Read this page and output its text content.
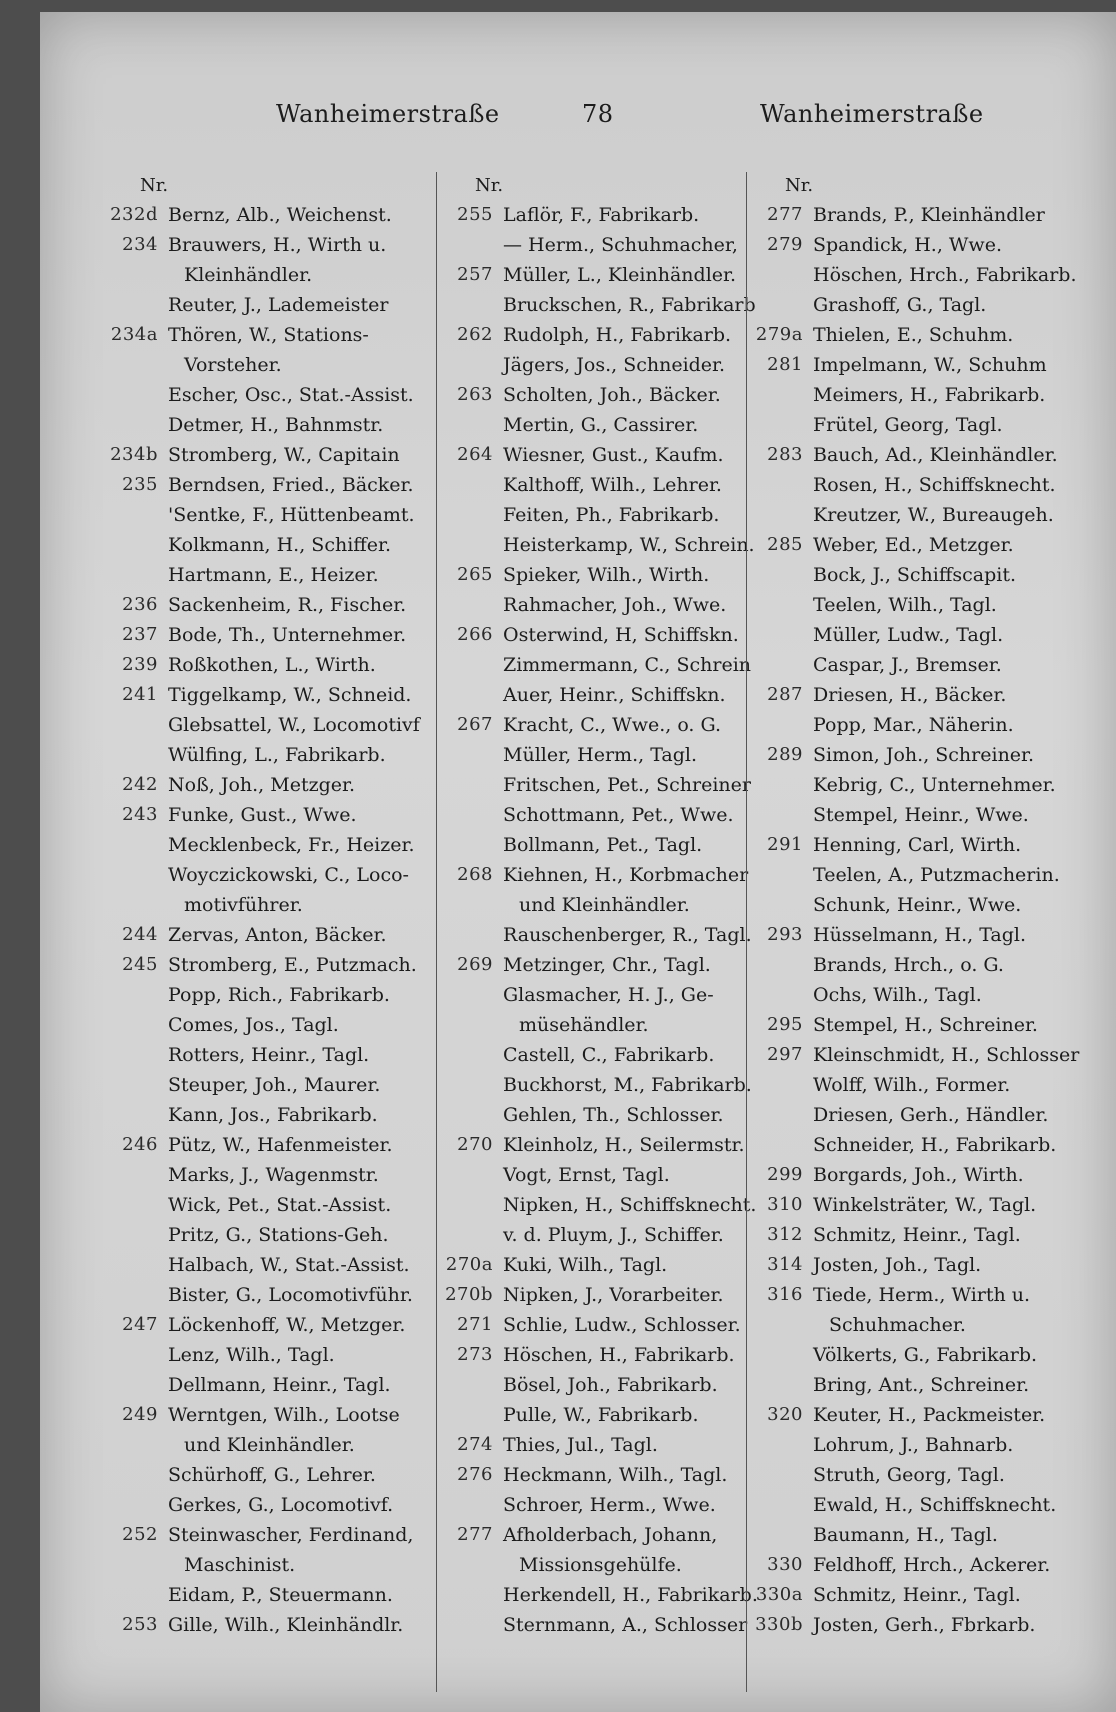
Wanheimerstraße	78	Wanheimerstraße
Nr.
232d Bernz, Alb., Weichenst.
234 Brauwers, H., Wirth u.
Kleinhändler.
Reuter, J., Lademeister
234a Thören, W., Stations-
Vorsteher.
Escher, Osc., Stat.-Assist.
Detmer, H., Bahnmstr.
234b Stromberg, W., Capitain
235 Berndsen, Fried., Bäcker.
'Sentke, F., Hüttenbeamt.
Kolkmann, H., Schiffer.
Hartmann, E., Heizer.
236 Sackenheim, R., Fischer.
237 Bode, Th., Unternehmer.
239 Roßkothen, L., Wirth.
241 Tiggelkamp, W., Schneid.
Glebsattel, W., Locomotivf
Wülfing, L., Fabrikarb.
242 Noß, Joh., Metzger.
243 Funke, Gust., Wwe.
Mecklenbeck, Fr., Heizer.
Woyczickowski, C., Loco-
motivführer.
244 Zervas, Anton, Bäcker.
245 Stromberg, E., Putzmach.
Popp, Rich., Fabrikarb.
Comes, Jos., Tagl.
Rotters, Heinr., Tagl.
Steuper, Joh., Maurer.
Kann, Jos., Fabrikarb.
246 Pütz, W., Hafenmeister.
Marks, J., Wagenmstr.
Wick, Pet., Stat.-Assist.
Pritz, G., Stations-Geh.
Halbach, W., Stat.-Assist.
Bister, G., Locomotivführ.
247 Löckenhoff, W., Metzger.
Lenz, Wilh., Tagl.
Dellmann, Heinr., Tagl.
249 Werntgen, Wilh., Lootse
und Kleinhändler.
Schürhoff, G., Lehrer.
Gerkes, G., Locomotivf.
252 Steinwascher, Ferdinand,
Maschinist.
Eidam, P., Steuermann.
253 Gille, Wilh., Kleinhändlr.
Nr.
255 Laflör, F., Fabrikarb.
— Herm., Schuhmacher,
257 Müller, L., Kleinhändler.
Bruckschen, R., Fabrikarb
262 Rudolph, H., Fabrikarb.
Jägers, Jos., Schneider.
263 Scholten, Joh., Bäcker.
Mertin, G., Cassirer.
264 Wiesner, Gust., Kaufm.
Kalthoff, Wilh., Lehrer.
Feiten, Ph., Fabrikarb.
Heisterkamp, W., Schrein.
265 Spieker, Wilh., Wirth.
Rahmacher, Joh., Wwe.
266 Osterwind, H, Schiffskn.
Zimmermann, C., Schrein
Auer, Heinr., Schiffskn.
267 Kracht, C., Wwe., o. G.
Müller, Herm., Tagl.
Fritschen, Pet., Schreiner
Schottmann, Pet., Wwe.
Bollmann, Pet., Tagl.
268 Kiehnen, H., Korbmacher
und Kleinhändler.
Rauschenberger, R., Tagl.
269 Metzinger, Chr., Tagl.
Glasmacher, H. J., Ge-
müsehändler.
Castell, C., Fabrikarb.
Buckhorst, M., Fabrikarb.
Gehlen, Th., Schlosser.
270 Kleinholz, H., Seilermstr.
Vogt, Ernst, Tagl.
Nipken, H., Schiffsknecht.
v. d. Pluym, J., Schiffer.
270a Kuki, Wilh., Tagl.
270b Nipken, J., Vorarbeiter.
271 Schlie, Ludw., Schlosser.
273 Höschen, H., Fabrikarb.
Bösel, Joh., Fabrikarb.
Pulle, W., Fabrikarb.
274 Thies, Jul., Tagl.
276 Heckmann, Wilh., Tagl.
Schroer, Herm., Wwe.
277 Afholderbach, Johann,
Missionsgehülfe.
Herkendell, H., Fabrikarb.
Sternmann, A., Schlosser
Nr.
277 Brands, P., Kleinhändler
279 Spandick, H., Wwe.
Höschen, Hrch., Fabrikarb.
Grashoff, G., Tagl.
279a Thielen, E., Schuhm.
281 Impelmann, W., Schuhm
Meimers, H., Fabrikarb.
Frütel, Georg, Tagl.
283 Bauch, Ad., Kleinhändler.
Rosen, H., Schiffsknecht.
Kreutzer, W., Bureaugeh.
285 Weber, Ed., Metzger.
Bock, J., Schiffscapit.
Teelen, Wilh., Tagl.
Müller, Ludw., Tagl.
Caspar, J., Bremser.
287 Driesen, H., Bäcker.
Popp, Mar., Näherin.
289 Simon, Joh., Schreiner.
Kebrig, C., Unternehmer.
Stempel, Heinr., Wwe.
291 Henning, Carl, Wirth.
Teelen, A., Putzmacherin.
Schunk, Heinr., Wwe.
293 Hüsselmann, H., Tagl.
Brands, Hrch., o. G.
Ochs, Wilh., Tagl.
295 Stempel, H., Schreiner.
297 Kleinschmidt, H., Schlosser
Wolff, Wilh., Former.
Driesen, Gerh., Händler.
Schneider, H., Fabrikarb.
299 Borgards, Joh., Wirth.
310 Winkelsträter, W., Tagl.
312 Schmitz, Heinr., Tagl.
314 Josten, Joh., Tagl.
316 Tiede, Herm., Wirth u.
Schuhmacher.
Völkerts, G., Fabrikarb.
Bring, Ant., Schreiner.
320 Keuter, H., Packmeister.
Lohrum, J., Bahnarb.
Struth, Georg, Tagl.
Ewald, H., Schiffsknecht.
Baumann, H., Tagl.
330 Feldhoff, Hrch., Ackerer.
330a Schmitz, Heinr., Tagl.
330b Josten, Gerh., Fbrkarb.
